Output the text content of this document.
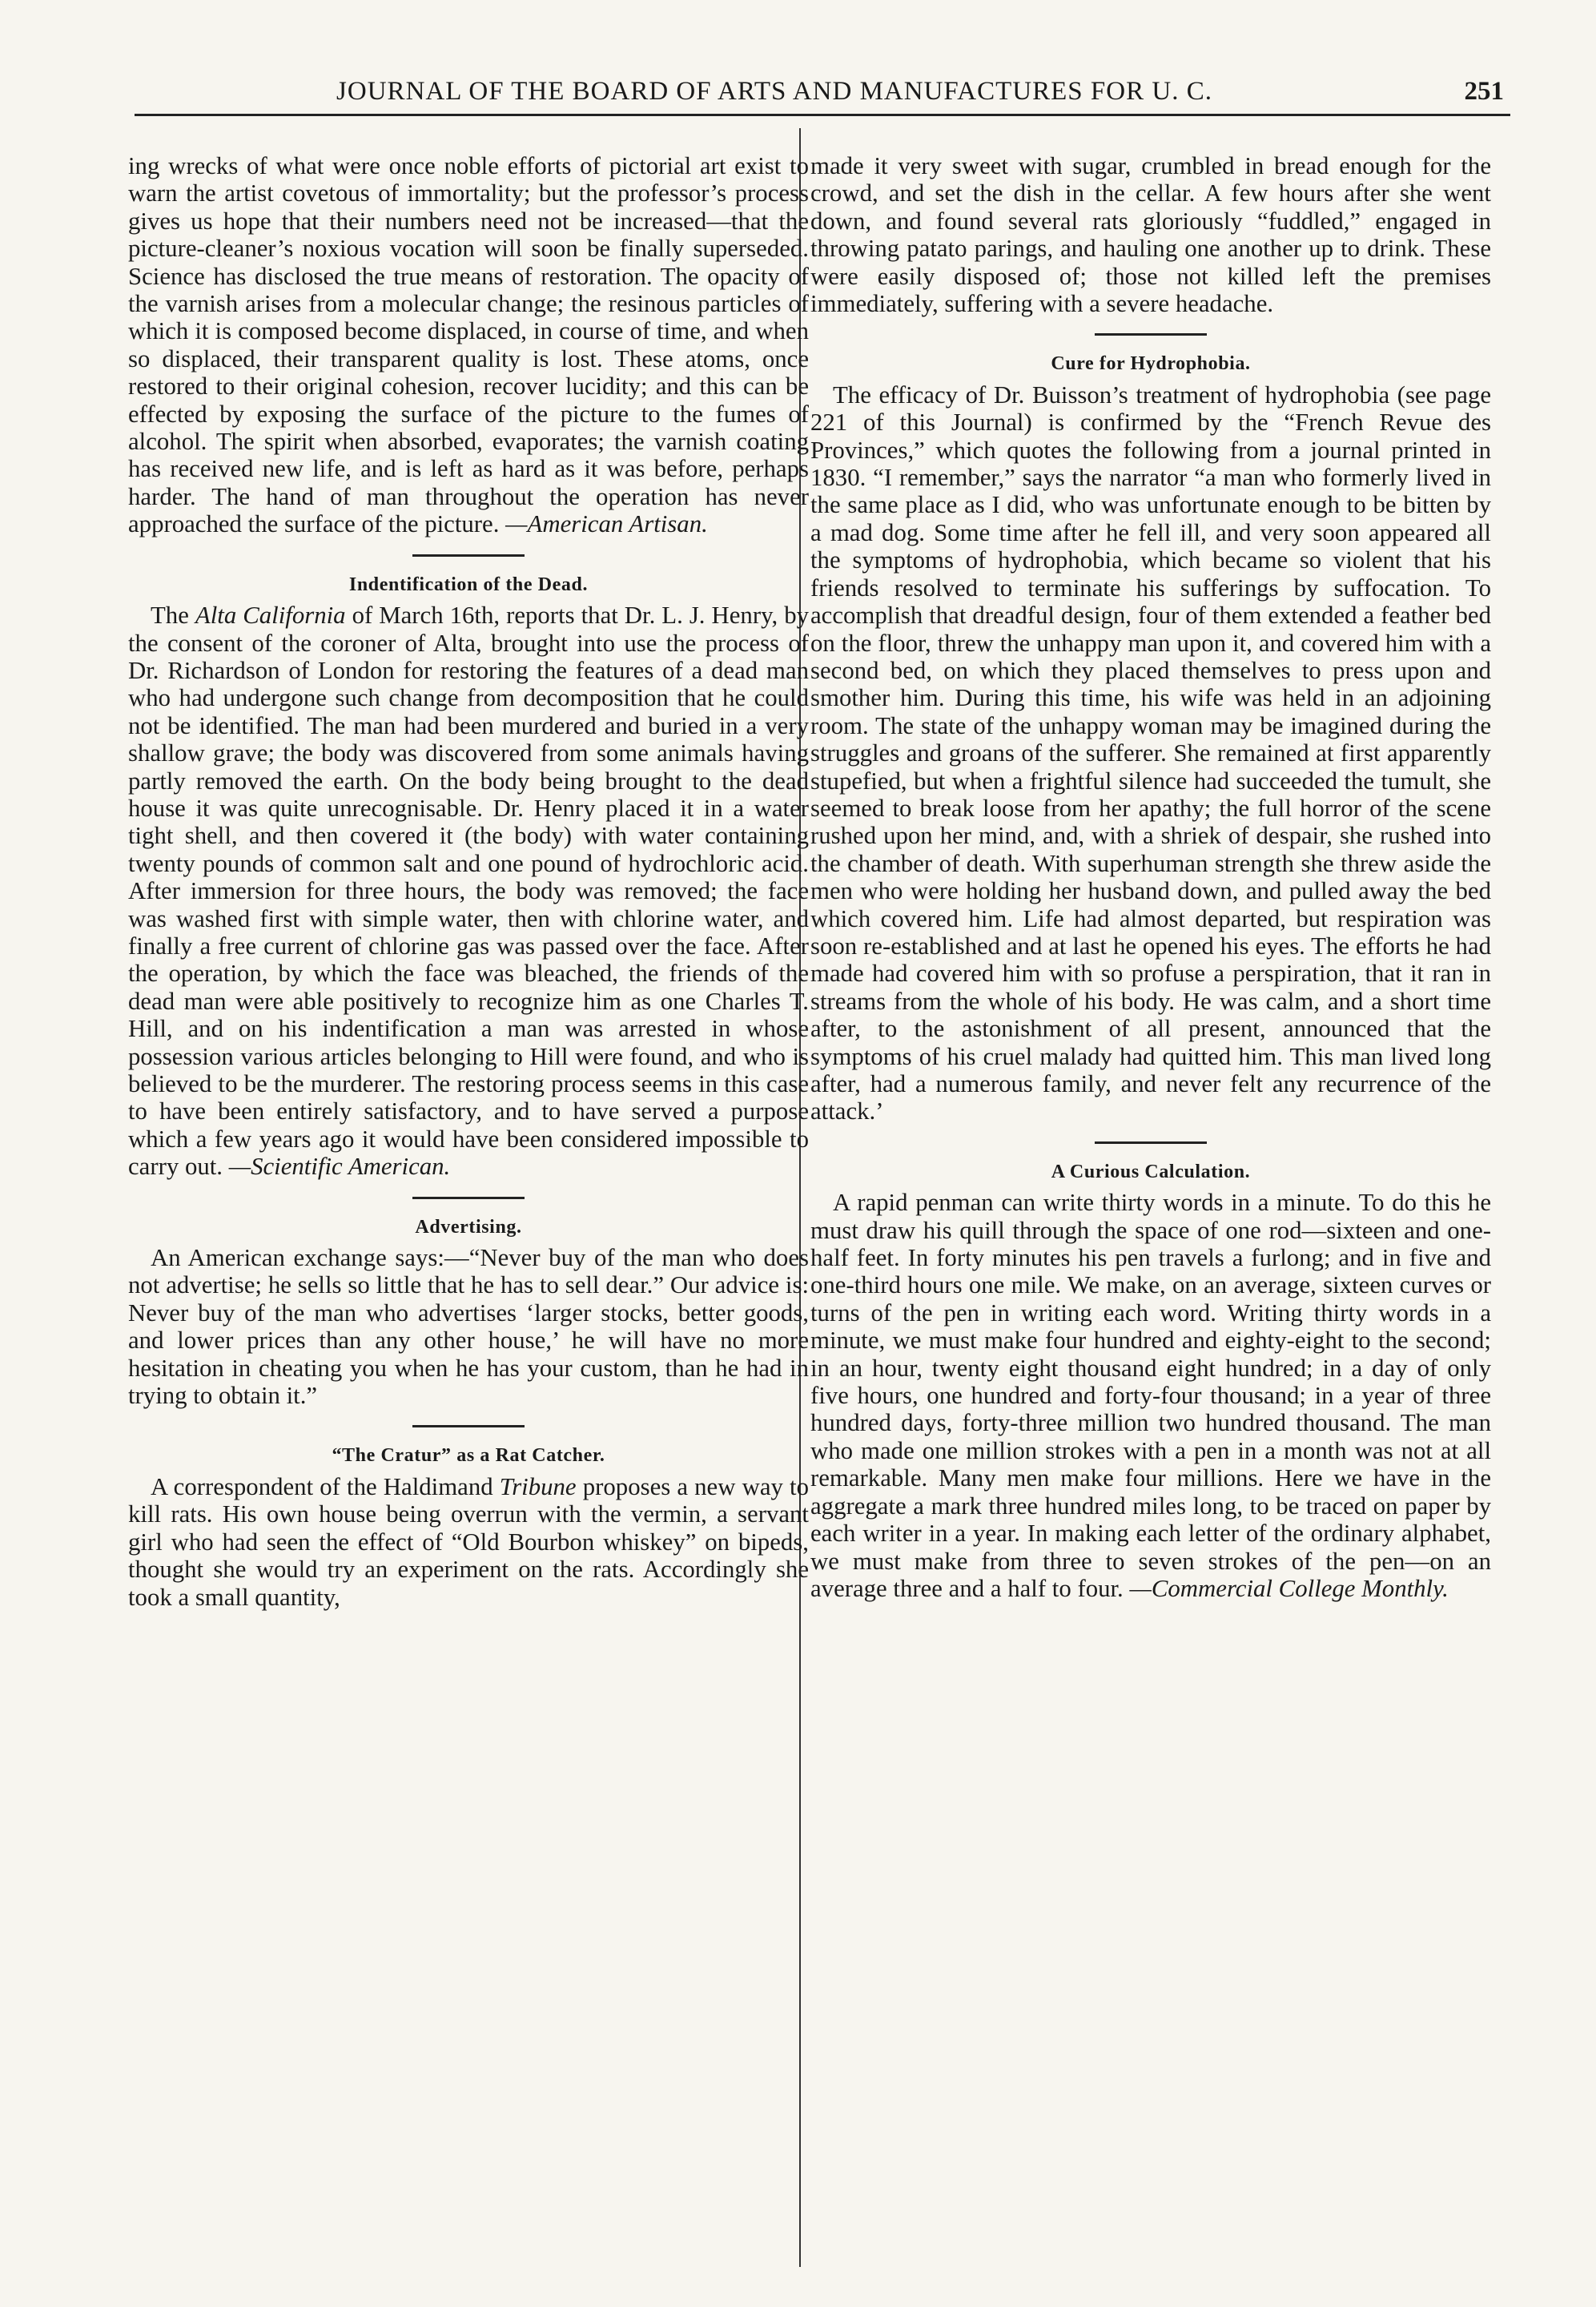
JOURNAL OF THE BOARD OF ARTS AND MANUFACTURES FOR U. C.	251

ing wrecks of what were once noble efforts of pictorial art exist to warn the artist covetous of immortality; but the professor’s process gives us hope that their numbers need not be increased—that the picture-cleaner’s noxious vocation will soon be finally superseded. Science has disclosed the true means of restoration. The opacity of the varnish arises from a molecular change; the resinous particles of which it is composed become displaced, in course of time, and when so displaced, their transparent quality is lost. These atoms, once restored to their original cohesion, recover lucidity; and this can be effected by exposing the surface of the picture to the fumes of alcohol. The spirit when absorbed, evaporates; the varnish coating has received new life, and is left as hard as it was before, perhaps harder. The hand of man throughout the operation has never approached the surface of the picture. —American Artisan.

Indentification of the Dead.

The Alta California of March 16th, reports that Dr. L. J. Henry, by the consent of the coroner of Alta, brought into use the process of Dr. Richardson of London for restoring the features of a dead man who had undergone such change from decomposition that he could not be identified. The man had been murdered and buried in a very shallow grave; the body was discovered from some animals having partly removed the earth. On the body being brought to the dead house it was quite unrecognisable. Dr. Henry placed it in a water tight shell, and then covered it (the body) with water containing twenty pounds of common salt and one pound of hydrochloric acid. After immersion for three hours, the body was removed; the face was washed first with simple water, then with chlorine water, and finally a free current of chlorine gas was passed over the face. After the operation, by which the face was bleached, the friends of the dead man were able positively to recognize him as one Charles T. Hill, and on his indentification a man was arrested in whose possession various articles belonging to Hill were found, and who is believed to be the murderer. The restoring process seems in this case to have been entirely satisfactory, and to have served a purpose which a few years ago it would have been considered impossible to carry out. —Scientific American.

Advertising.

An American exchange says:—“Never buy of the man who does not advertise; he sells so little that he has to sell dear.” Our advice is: Never buy of the man who advertises ‘larger stocks, better goods, and lower prices than any other house,’ he will have no more hesitation in cheating you when he has your custom, than he had in trying to obtain it.”

“The Cratur” as a Rat Catcher.

A correspondent of the Haldimand Tribune proposes a new way to kill rats. His own house being overrun with the vermin, a servant girl who had seen the effect of “Old Bourbon whiskey” on bipeds, thought she would try an experiment on the rats. Accordingly she took a small quantity,

made it very sweet with sugar, crumbled in bread enough for the crowd, and set the dish in the cellar. A few hours after she went down, and found several rats gloriously “fuddled,” engaged in throwing patato parings, and hauling one another up to drink. These were easily disposed of; those not killed left the premises immediately, suffering with a severe headache.

Cure for Hydrophobia.

The efficacy of Dr. Buisson’s treatment of hydrophobia (see page 221 of this Journal) is confirmed by the “French Revue des Provinces,” which quotes the following from a journal printed in 1830. “I remember,” says the narrator “a man who formerly lived in the same place as I did, who was unfortunate enough to be bitten by a mad dog. Some time after he fell ill, and very soon appeared all the symptoms of hydrophobia, which became so violent that his friends resolved to terminate his sufferings by suffocation. To accomplish that dreadful design, four of them extended a feather bed on the floor, threw the unhappy man upon it, and covered him with a second bed, on which they placed themselves to press upon and smother him. During this time, his wife was held in an adjoining room. The state of the unhappy woman may be imagined during the struggles and groans of the sufferer. She remained at first apparently stupefied, but when a frightful silence had succeeded the tumult, she seemed to break loose from her apathy; the full horror of the scene rushed upon her mind, and, with a shriek of despair, she rushed into the chamber of death. With superhuman strength she threw aside the men who were holding her husband down, and pulled away the bed which covered him. Life had almost departed, but respiration was soon re-established and at last he opened his eyes. The efforts he had made had covered him with so profuse a perspiration, that it ran in streams from the whole of his body. He was calm, and a short time after, to the astonishment of all present, announced that the symptoms of his cruel malady had quitted him. This man lived long after, had a numerous family, and never felt any recurrence of the attack.’

A Curious Calculation.

A rapid penman can write thirty words in a minute. To do this he must draw his quill through the space of one rod—sixteen and one-half feet. In forty minutes his pen travels a furlong; and in five and one-third hours one mile. We make, on an average, sixteen curves or turns of the pen in writing each word. Writing thirty words in a minute, we must make four hundred and eighty-eight to the second; in an hour, twenty eight thousand eight hundred; in a day of only five hours, one hundred and forty-four thousand; in a year of three hundred days, forty-three million two hundred thousand. The man who made one million strokes with a pen in a month was not at all remarkable. Many men make four millions. Here we have in the aggregate a mark three hundred miles long, to be traced on paper by each writer in a year. In making each letter of the ordinary alphabet, we must make from three to seven strokes of the pen—on an average three and a half to four. —Commercial College Monthly.
